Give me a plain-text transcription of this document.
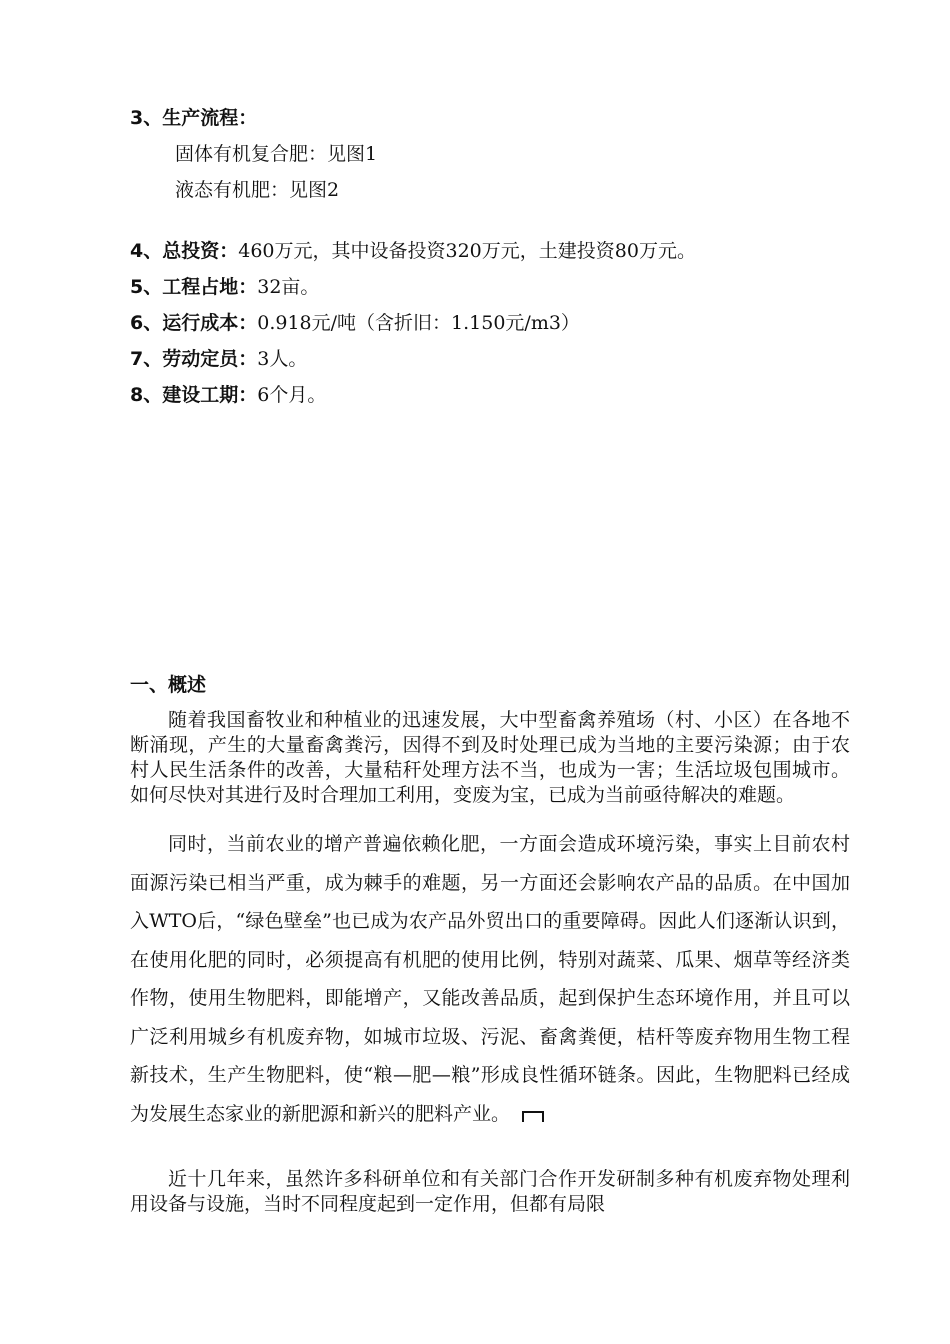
3、生产流程：
固体有机复合肥：见图1
液态有机肥：见图2
4、总投资：460万元，其中设备投资320万元，土建投资80万元。
5、工程占地：32亩。
6、运行成本：0.918元/吨（含折旧：1.150元/m3）
7、劳动定员：3人。
8、建设工期：6个月。
一、概述
随着我国畜牧业和种植业的迅速发展，大中型畜禽养殖场（村、小区）在各地不断涌现，产生的大量畜禽粪污，因得不到及时处理已成为当地的主要污染源；由于农村人民生活条件的改善，大量秸秆处理方法不当，也成为一害；生活垃圾包围城市。如何尽快对其进行及时合理加工利用，变废为宝，已成为当前亟待解决的难题。
同时，当前农业的增产普遍依赖化肥，一方面会造成环境污染，事实上目前农村面源污染已相当严重，成为棘手的难题，另一方面还会影响农产品的品质。在中国加入WTO后，“绿色壁垒”也已成为农产品外贸出口的重要障碍。因此人们逐渐认识到，在使用化肥的同时，必须提高有机肥的使用比例，特别对蔬菜、瓜果、烟草等经济类作物，使用生物肥料，即能增产，又能改善品质，起到保护生态环境作用，并且可以广泛利用城乡有机废弃物，如城市垃圾、污泥、畜禽粪便，桔杆等废弃物用生物工程新技术，生产生物肥料，使“粮—肥—粮”形成良性循环链条。因此，生物肥料已经成为发展生态家业的新肥源和新兴的肥料产业。
近十几年来，虽然许多科研单位和有关部门合作开发研制多种有机废弃物处理利用设备与设施，当时不同程度起到一定作用，但都有局限
